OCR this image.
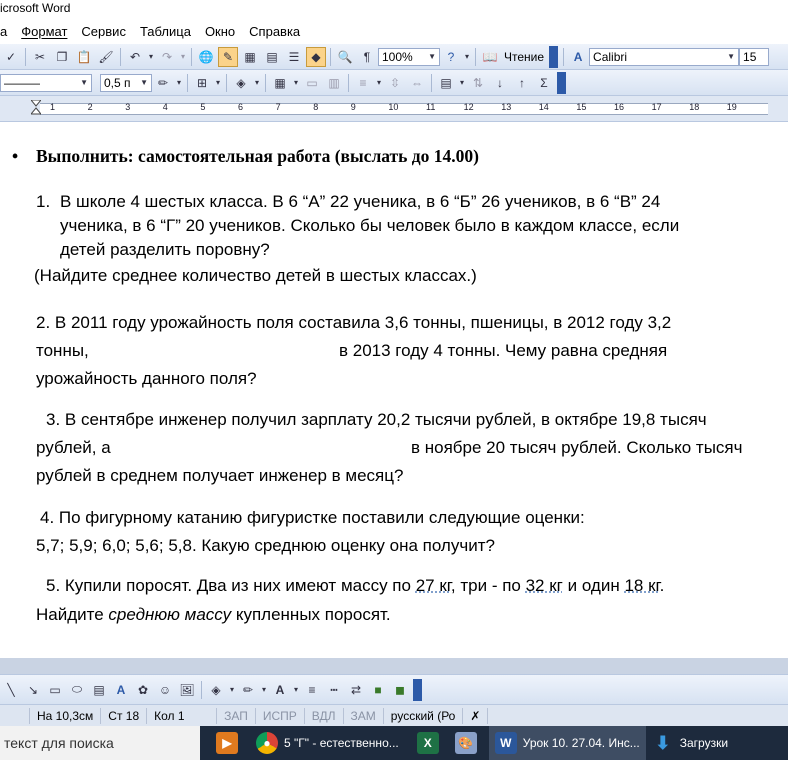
icrosoft Word
а Формат Сервис Таблица Окно Справка
✓	✂ ❐ 📋 🖌	↶	▾ ↷	▾ 🌐 ✎ ▦ ▤ ☰	◆	🔍 ¶ 100% ▼ ?	▾ 📖 Чтение	A Calibri	▼ 15
———	▼ 0,5 п ▼ ✏	▾	⊞	▾	◈	▾	▦	▾ ▭ ▥	≡	▾ ⇳ ⇔	▤	▾ ⇅	↓	↑	Σ
1	2	3	4	5	6	7	8	9	10	11	12	13	14	15	16	17	18	19
• Выполнить: самостоятельная работа (выслать до 14.00)
1. В школе 4 шестых класса. В 6 “А” 22 ученика, в 6 “Б” 26 учеников, в 6 “В” 24
ученика, в 6 “Г” 20 учеников. Сколько бы человек было в каждом классе, если
детей разделить поровну?
(Найдите среднее количество детей в шестых классах.)
2. В 2011 году урожайность поля составила 3,6 тонны, пшеницы, в 2012 году 3,2
тонны,	в 2013 году 4 тонны. Чему равна средняя
урожайность данного поля?
3. В сентябре инженер получил зарплату 20,2 тысячи рублей, в октябре 19,8 тысяч
рублей, а	в ноябре 20 тысяч рублей. Сколько тысяч
рублей в среднем получает инженер в месяц?
4. По фигурному катанию фигуристке поставили следующие оценки:
5,7; 5,9; 6,0; 5,6; 5,8. Какую среднюю оценку она получит?
5. Купили поросят. Два из них имеют массу по 27 кг, три - по 32 кг и один 18 кг.
Найдите среднюю массу купленных поросят.
╲	↘ ▭ ⬭ ▤ A	✿ ☺ 🖼	◈	▾ ✏	▾ A	▾ ≡	┅	⇄	■	◼
На 10,3см	Ст 18	Кол 1	ЗАП	ИСПР	ВДЛ	ЗАМ	русский (Ро	✗
текст для поиска	▶	●	5 "Г" - естественно...	X	🎨	W Урок 10. 27.04. Инс... ⬇ Загрузки
